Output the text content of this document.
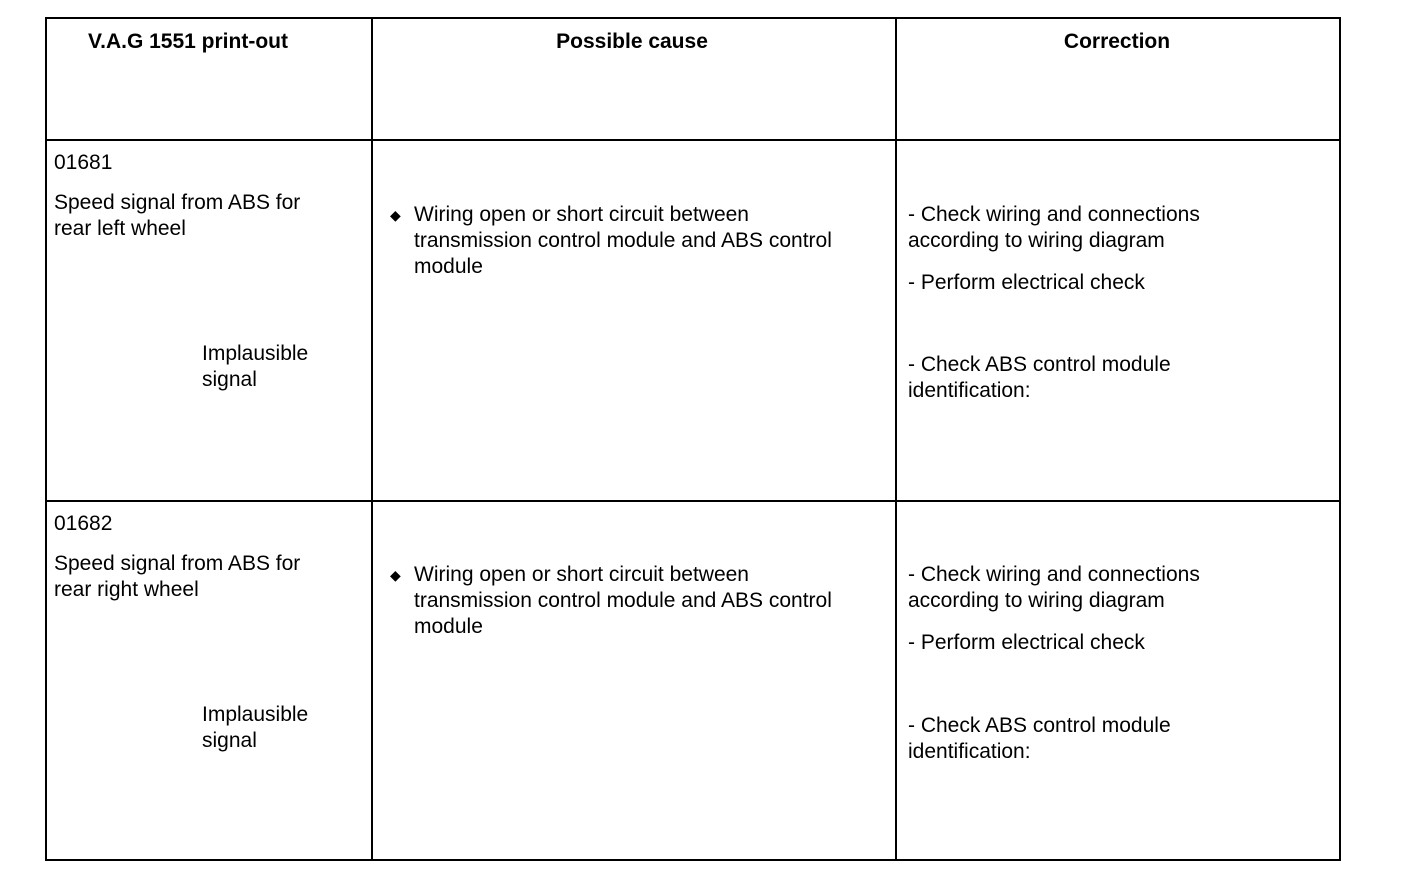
V.A.G 1551 print-out	Possible cause	Correction
01681
Speed signal from ABS for
rear left wheel
Implausible
signal
◆ Wiring open or short circuit between
transmission control module and ABS control
module
- Check wiring and connections
according to wiring diagram
- Perform electrical check
- Check ABS control module
identification:
01682
Speed signal from ABS for
rear right wheel
Implausible
signal
◆ Wiring open or short circuit between
transmission control module and ABS control
module
- Check wiring and connections
according to wiring diagram
- Perform electrical check
- Check ABS control module
identification:
